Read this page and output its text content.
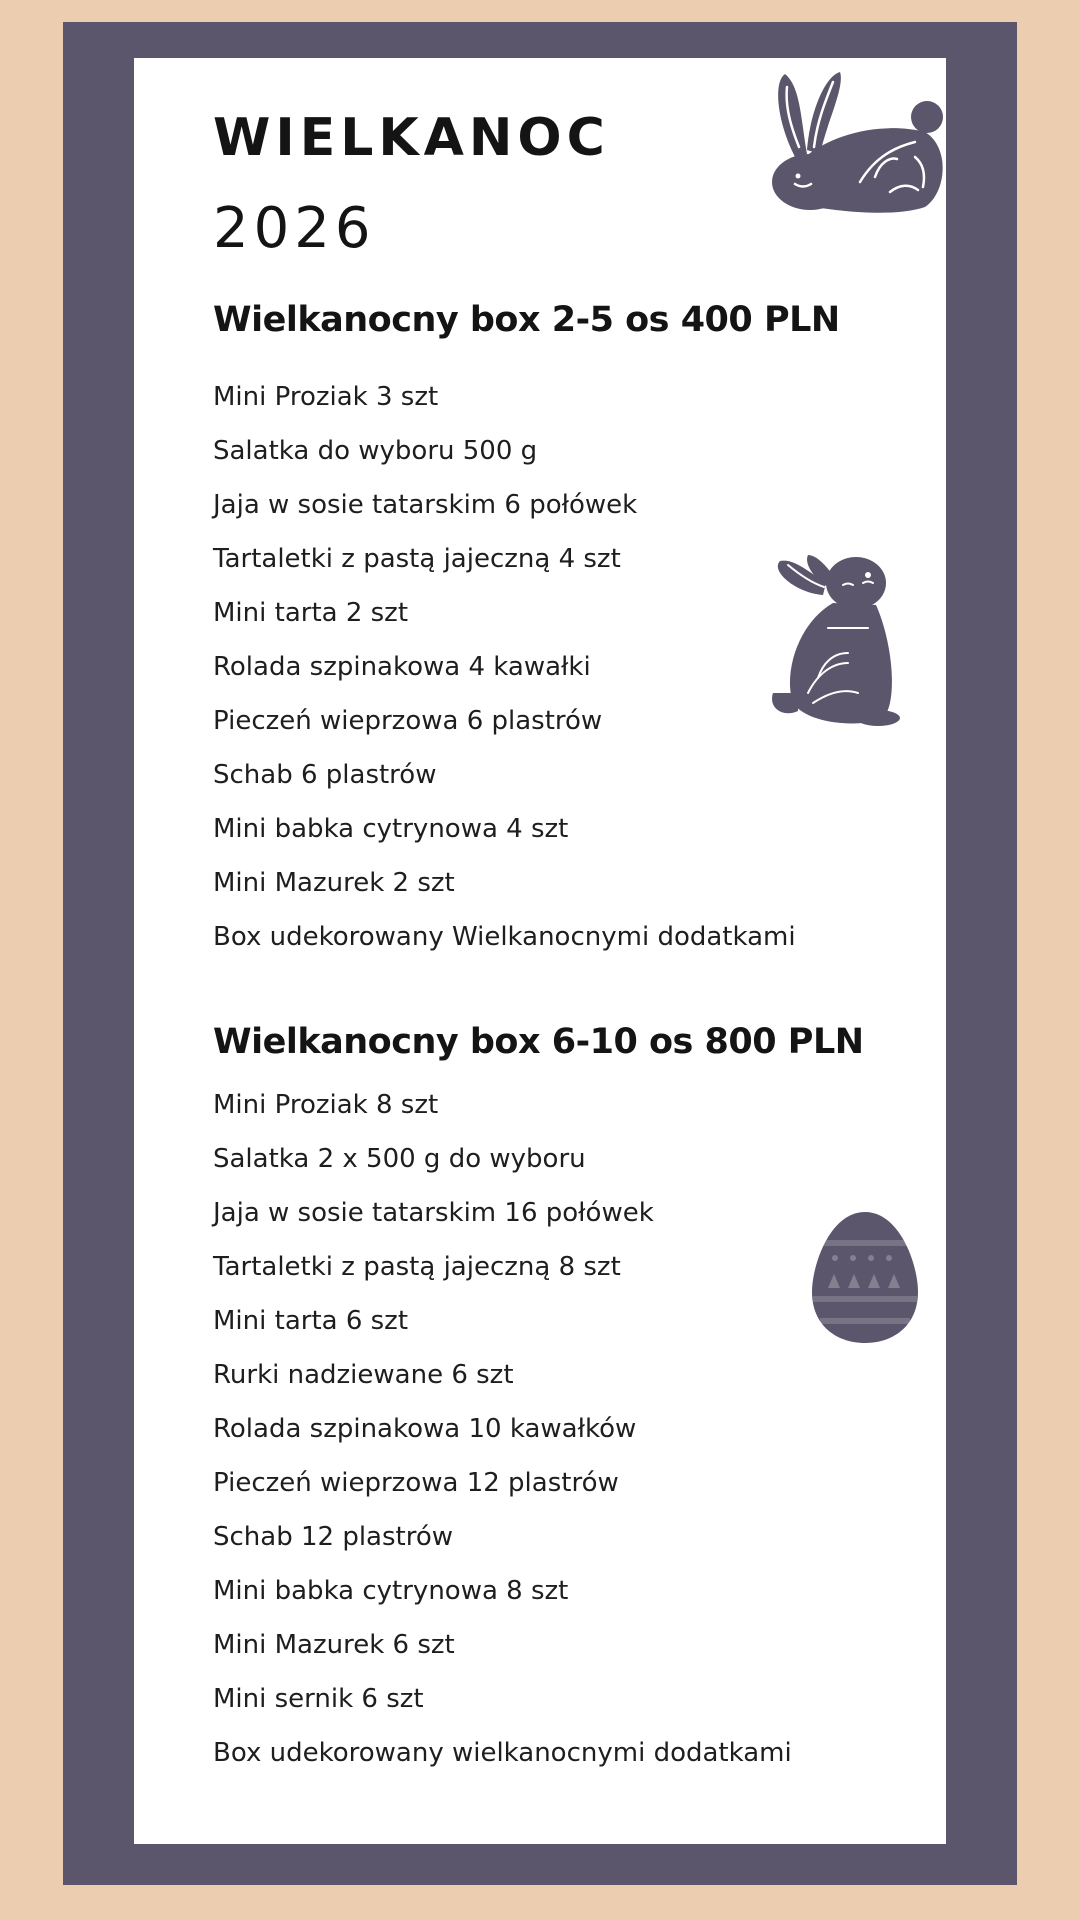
WIELKANOC
2026
Wielkanocny box 2-5 os 400 PLN
Mini Proziak 3 szt
Salatka do wyboru 500 g
Jaja w sosie tatarskim 6 połówek
Tartaletki z pastą jajeczną 4 szt
Mini tarta 2 szt
Rolada szpinakowa 4 kawałki
Pieczeń wieprzowa 6 plastrów
Schab 6 plastrów
Mini babka cytrynowa 4 szt
Mini Mazurek 2 szt
Box udekorowany Wielkanocnymi dodatkami
Wielkanocny box 6-10 os 800 PLN
Mini Proziak 8 szt
Salatka 2 x 500 g do wyboru
Jaja w sosie tatarskim 16 połówek
Tartaletki z pastą jajeczną 8 szt
Mini tarta 6 szt
Rurki nadziewane 6 szt
Rolada szpinakowa 10 kawałków
Pieczeń wieprzowa 12 plastrów
Schab 12 plastrów
Mini babka cytrynowa 8 szt
Mini Mazurek 6 szt
Mini sernik 6 szt
Box udekorowany wielkanocnymi dodatkami
